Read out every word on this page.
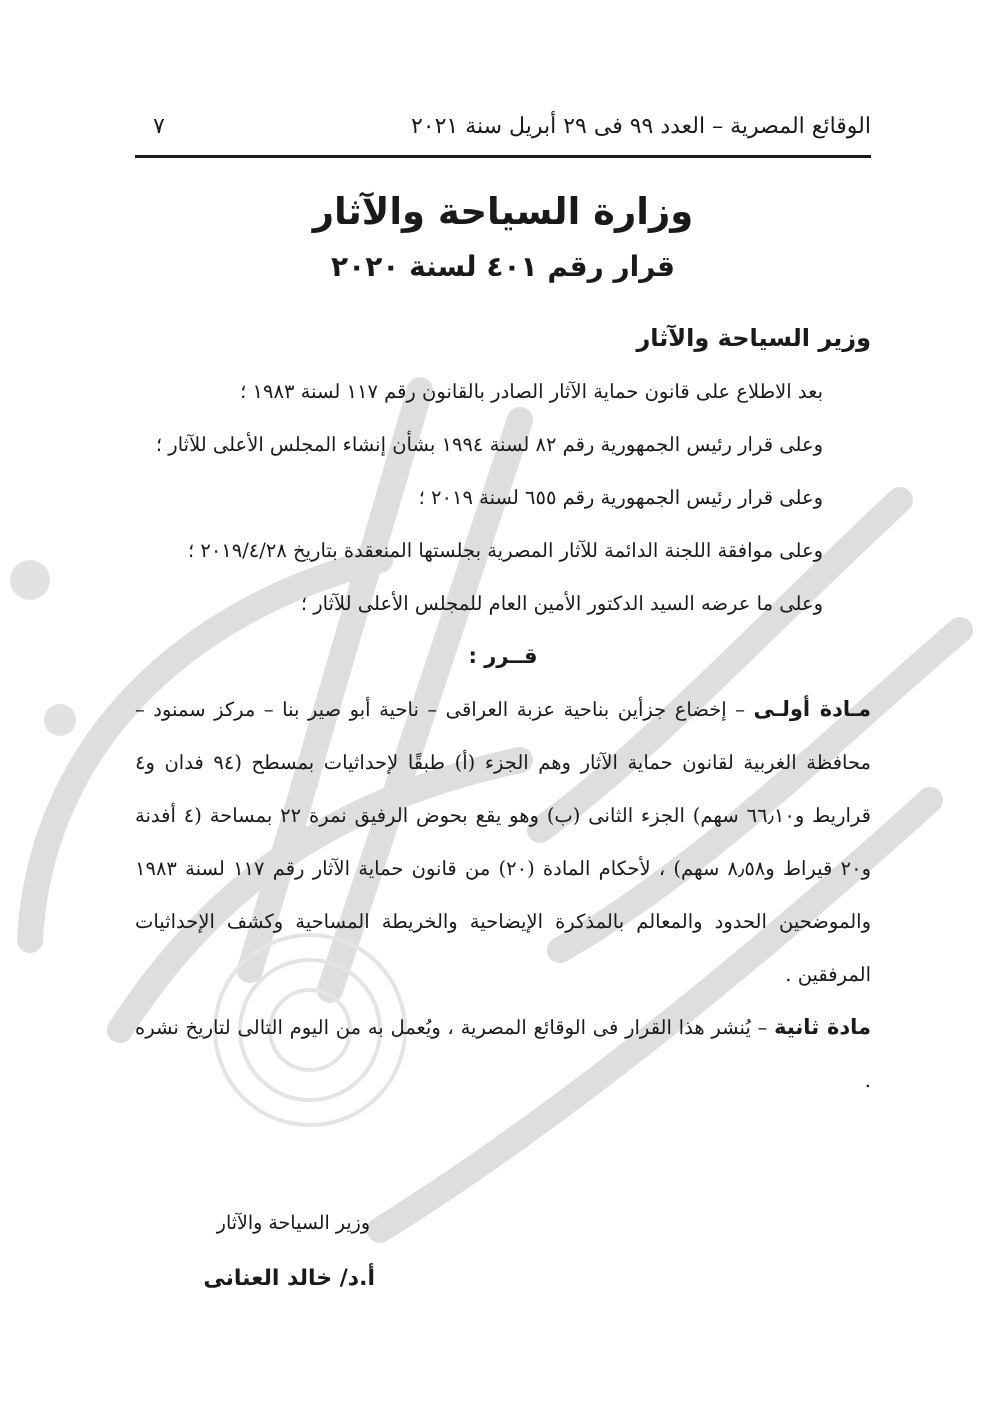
الوقائع المصرية – العدد ٩٩ فى ٢٩ أبريل سنة ٢٠٢١
٧
وزارة السياحة والآثار
قرار رقم ٤٠١ لسنة ٢٠٢٠

وزير السياحة والآثار

بعد الاطلاع على قانون حماية الآثار الصادر بالقانون رقم ١١٧ لسنة ١٩٨٣ ؛

وعلى قرار رئيس الجمهورية رقم ٨٢ لسنة ١٩٩٤ بشأن إنشاء المجلس الأعلى للآثار ؛

وعلى قرار رئيس الجمهورية رقم ٦٥٥ لسنة ٢٠١٩ ؛

وعلى موافقة اللجنة الدائمة للآثار المصرية بجلستها المنعقدة بتاريخ ٢٠١٩/٤/٢٨ ؛

وعلى ما عرضه السيد الدكتور الأمين العام للمجلس الأعلى للآثار ؛

قــرر :

مـادة أولـى – إخضاع جزأين بناحية عزبة العراقى – ناحية أبو صير بنا – مركز سمنود – محافظة الغربية لقانون حماية الآثار وهم الجزء (أ) طبقًا لإحداثيات بمسطح (٩٤ فدان و٤ قراريط و٦٦٫١٠ سهم) الجزء الثانى (ب) وهو يقع بحوض الرفيق نمرة ٢٢ بمساحة (٤ أفدنة و٢٠ قيراط و٨٫٥٨ سهم) ، لأحكام المادة (٢٠) من قانون حماية الآثار رقم ١١٧ لسنة ١٩٨٣ والموضحين الحدود والمعالم بالمذكرة الإيضاحية والخريطة المساحية وكشف الإحداثيات المرفقين .

مادة ثانية – يُنشر هذا القرار فى الوقائع المصرية ، ويُعمل به من اليوم التالى لتاريخ نشره .

وزير السياحة والآثار
أ.د/ خالد العنانى
